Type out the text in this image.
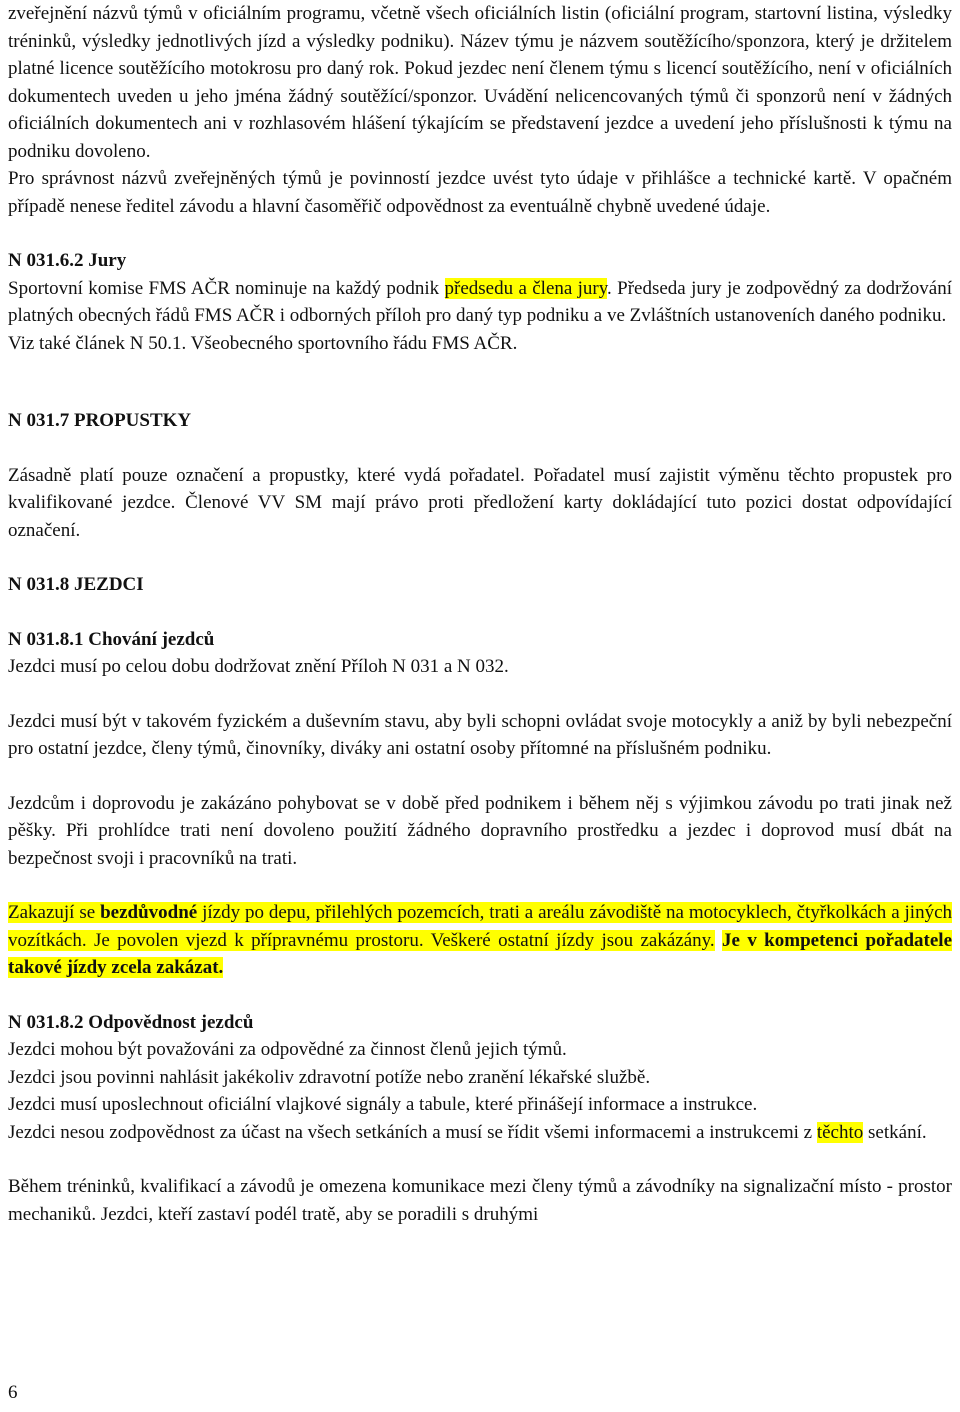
zveřejnění názvů týmů v oficiálním programu, včetně všech oficiálních listin (oficiální program, startovní listina, výsledky tréninků, výsledky jednotlivých jízd a výsledky podniku). Název týmu je názvem soutěžícího/sponzora, který je držitelem platné licence soutěžícího motokrosu pro daný rok. Pokud jezdec není členem týmu s licencí soutěžícího, není v oficiálních dokumentech uveden u jeho jména žádný soutěžící/sponzor. Uvádění nelicencovaných týmů či sponzorů není v žádných oficiálních dokumentech ani v rozhlasovém hlášení týkajícím se představení jezdce a uvedení jeho příslušnosti k týmu na podniku dovoleno.

Pro správnost názvů zveřejněných týmů je povinností jezdce uvést tyto údaje v přihlášce a technické kartě. V opačném případě nenese ředitel závodu a hlavní časoměřič odpovědnost za eventuálně chybně uvedené údaje.

N 031.6.2 Jury

Sportovní komise FMS AČR nominuje na každý podnik předsedu a člena jury. Předseda jury je zodpovědný za dodržování platných obecných řádů FMS AČR i odborných příloh pro daný typ podniku a ve Zvláštních ustanoveních daného podniku.

Viz také článek N 50.1. Všeobecného sportovního řádu FMS AČR.

N 031.7 PROPUSTKY

Zásadně platí pouze označení a propustky, které vydá pořadatel. Pořadatel musí zajistit výměnu těchto propustek pro kvalifikované jezdce. Členové VV SM mají právo proti předložení karty dokládající tuto pozici dostat odpovídající označení.

N 031.8 JEZDCI

N 031.8.1 Chování jezdců

Jezdci musí po celou dobu dodržovat znění Příloh N 031 a N 032.

Jezdci musí být v takovém fyzickém a duševním stavu, aby byli schopni ovládat svoje motocykly a aniž by byli nebezpeční pro ostatní jezdce, členy týmů, činovníky, diváky ani ostatní osoby přítomné na příslušném podniku.

Jezdcům i doprovodu je zakázáno pohybovat se v době před podnikem i během něj s výjimkou závodu po trati jinak než pěšky. Při prohlídce trati není dovoleno použití žádného dopravního prostředku a jezdec i doprovod musí dbát na bezpečnost svoji i pracovníků na trati.

Zakazují se bezdůvodné jízdy po depu, přilehlých pozemcích, trati a areálu závodiště na motocyklech, čtyřkolkách a jiných vozítkách. Je povolen vjezd k přípravnému prostoru. Veškeré ostatní jízdy jsou zakázány. Je v kompetenci pořadatele takové jízdy zcela zakázat.

N 031.8.2 Odpovědnost jezdců

Jezdci mohou být považováni za odpovědné za činnost členů jejich týmů.

Jezdci jsou povinni nahlásit jakékoliv zdravotní potíže nebo zranění lékařské službě.

Jezdci musí uposlechnout oficiální vlajkové signály a tabule, které přinášejí informace a instrukce.

Jezdci nesou zodpovědnost za účast na všech setkáních a musí se řídit všemi informacemi a instrukcemi z těchto setkání.

Během tréninků, kvalifikací a závodů je omezena komunikace mezi členy týmů a závodníky na signalizační místo - prostor mechaniků. Jezdci, kteří zastaví podél tratě, aby se poradili s druhými

6
